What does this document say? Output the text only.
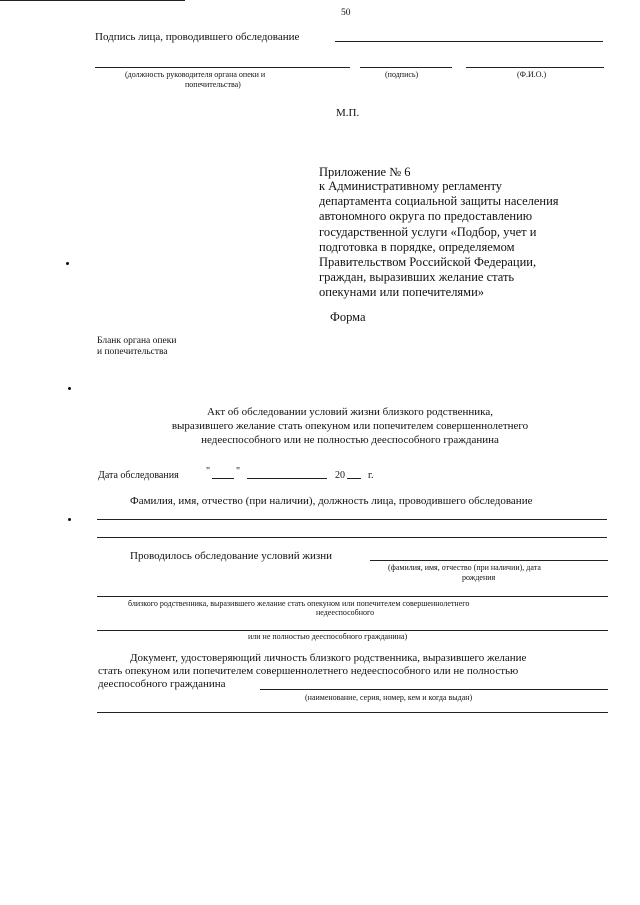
50
Подпись лица, проводившего обследование
(должность руководителя органа опеки и
попечительства)
(подпись)	(Ф.И.О.)
М.П.
Приложение № 6
к Административному регламенту
департамента социальной защиты населения
автономного округа по предоставлению
государственной услуги «Подбор, учет и
подготовка в порядке, определяемом
Правительством Российской Федерации,
граждан, выразивших желание стать
опекунами или попечителями»
Форма
Бланк органа опеки
и попечительства
Акт об обследовании условий жизни близкого родственника,
выразившего желание стать опекуном или попечителем совершеннолетнего
недееспособного или не полностью дееспособного гражданина
Дата обследования	"	"	20 г.
Фамилия, имя, отчество (при наличии), должность лица, проводившего обследование
Проводилось обследование условий жизни
(фамилия, имя, отчество (при наличии), дата
рождения
близкого родственника, выразившего желание стать опекуном или попечителем совершеннолетнего
недееспособного
или не полностью дееспособного гражданина)
Документ, удостоверяющий личность близкого родственника, выразившего желание
стать опекуном или попечителем совершеннолетнего недееспособного или не полностью
дееспособного гражданина
(наименование, серия, номер, кем и когда выдан)
